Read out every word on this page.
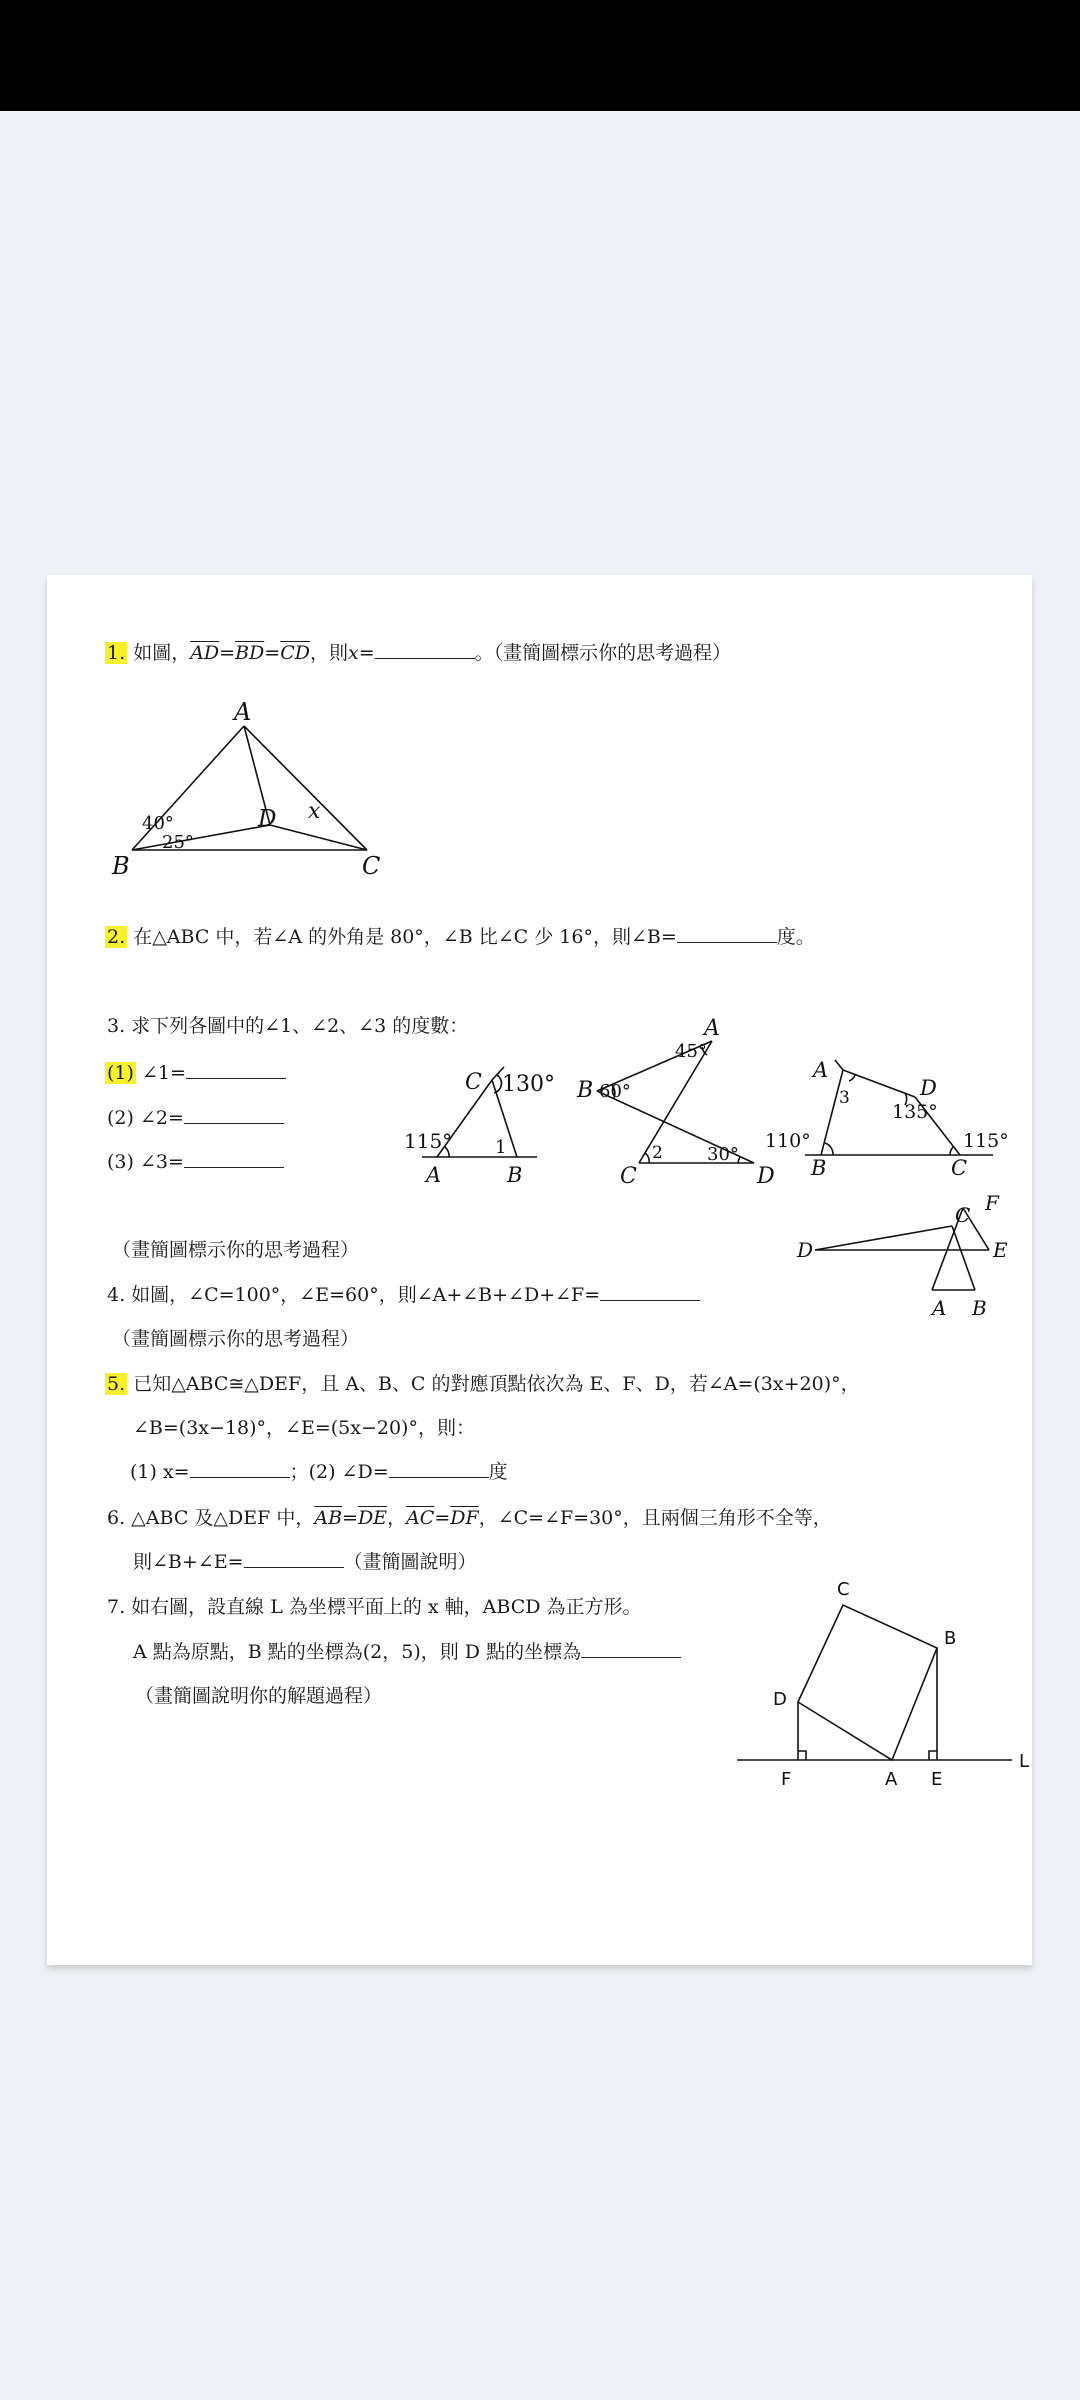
1. 如圖，$\overline{AD}=\overline{BD}=\overline{CD}$，則x=	。（畫簡圖標示你的思考過程）
A
B	C
D x
40°
25°
2. 在△ABC 中，若∠A 的外角是 80°，∠B 比∠C 少 16°，則∠B=	度。
3. 求下列各圖中的∠1、∠2、∠3 的度數：
(1) ∠1=
(2) ∠2=
(3) ∠3=
C 130°
115° 1
A	B
A
45°
B 60°
2 30°
C	D
A
D
3
135°
110°	115°
B	C
（畫簡圖標示你的思考過程）
4. 如圖，∠C=100°，∠E=60°，則∠A+∠B+∠D+∠F=
（畫簡圖標示你的思考過程）
C F
D	E
A B
5. 已知△ABC≅△DEF，且 A、B、C 的對應頂點依次為 E、F、D，若∠A=(3x+20)°，
∠B=(3x−18)°，∠E=(5x−20)°，則：
(1) x=	；(2) ∠D=	度
6. △ABC 及△DEF 中，$\overline{AB}=\overline{DE}$，$\overline{AC}=\overline{DF}$，∠C=∠F=30°，且兩個三角形不全等，
則∠B+∠E=	（畫簡圖說明）
7. 如右圖，設直線 L 為坐標平面上的 x 軸，ABCD 為正方形。
A 點為原點，B 點的坐標為(2，5)，則 D 點的坐標為
（畫簡圖說明你的解題過程）
C
B
D
F	A E
L
